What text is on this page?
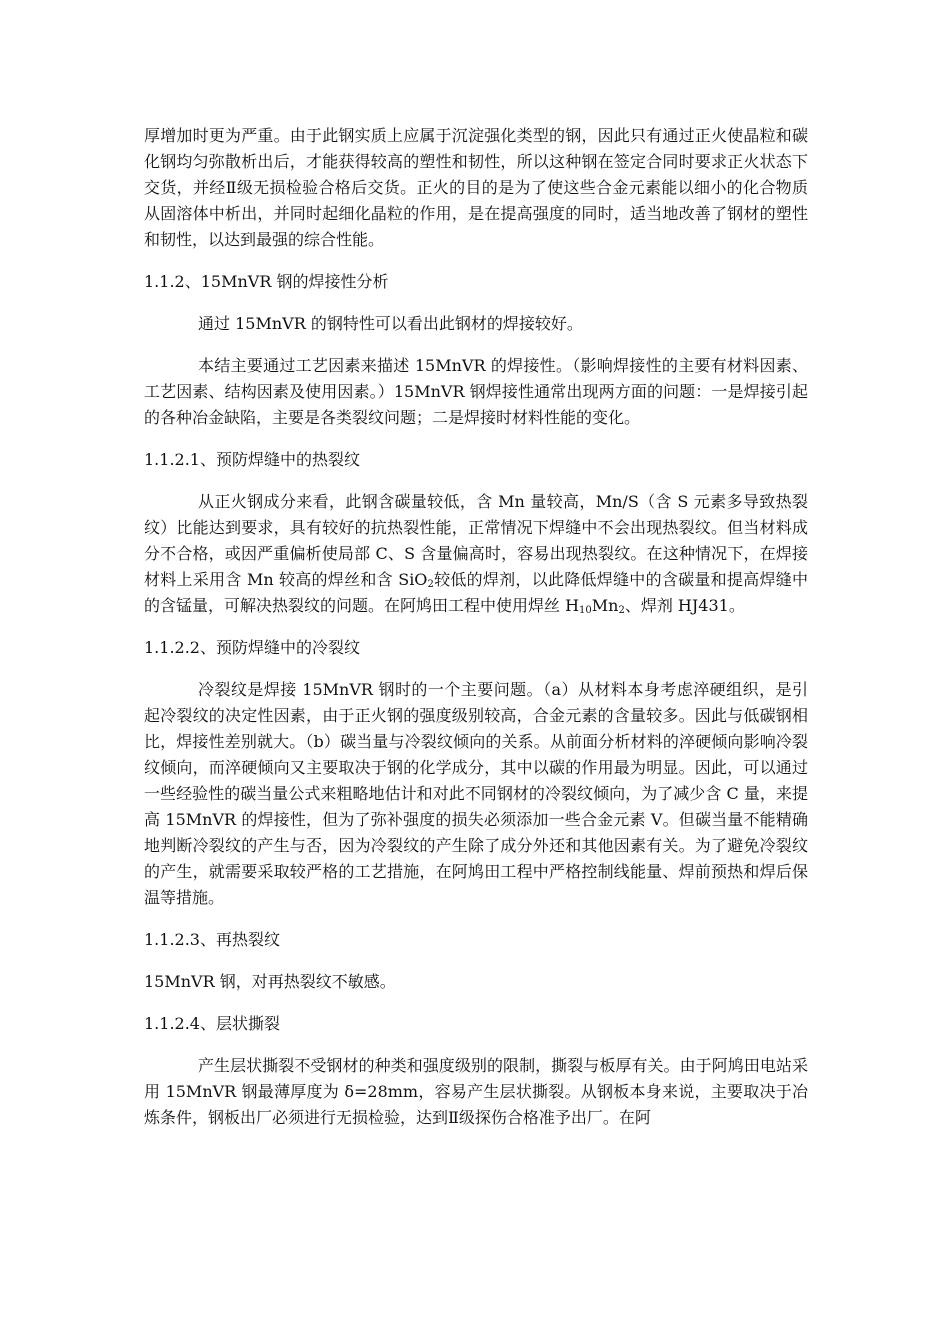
厚增加时更为严重。由于此钢实质上应属于沉淀强化类型的钢，因此只有通过正火使晶粒和碳化钢均匀弥散析出后，才能获得较高的塑性和韧性，所以这种钢在签定合同时要求正火状态下交货，并经Ⅱ级无损检验合格后交货。正火的目的是为了使这些合金元素能以细小的化合物质从固溶体中析出，并同时起细化晶粒的作用，是在提高强度的同时，适当地改善了钢材的塑性和韧性，以达到最强的综合性能。

1.1.2、15MnVR 钢的焊接性分析

通过 15MnVR 的钢特性可以看出此钢材的焊接较好。

本结主要通过工艺因素来描述 15MnVR 的焊接性。（影响焊接性的主要有材料因素、工艺因素、结构因素及使用因素。）15MnVR 钢焊接性通常出现两方面的问题：一是焊接引起的各种冶金缺陷，主要是各类裂纹问题；二是焊接时材料性能的变化。

1.1.2.1、预防焊缝中的热裂纹

从正火钢成分来看，此钢含碳量较低，含 Mn 量较高，Mn/S（含 S 元素多导致热裂纹）比能达到要求，具有较好的抗热裂性能，正常情况下焊缝中不会出现热裂纹。但当材料成分不合格，或因严重偏析使局部 C、S 含量偏高时，容易出现热裂纹。在这种情况下，在焊接材料上采用含 Mn 较高的焊丝和含 SiO$_2$较低的焊剂，以此降低焊缝中的含碳量和提高焊缝中的含锰量，可解决热裂纹的问题。在阿鸠田工程中使用焊丝 $H_{10}Mn_2$、焊剂 HJ431。

1.1.2.2、预防焊缝中的冷裂纹

冷裂纹是焊接 15MnVR 钢时的一个主要问题。（a）从材料本身考虑淬硬组织，是引起冷裂纹的决定性因素，由于正火钢的强度级别较高，合金元素的含量较多。因此与低碳钢相比，焊接性差别就大。（b）碳当量与冷裂纹倾向的关系。从前面分析材料的淬硬倾向影响冷裂纹倾向，而淬硬倾向又主要取决于钢的化学成分，其中以碳的作用最为明显。因此，可以通过一些经验性的碳当量公式来粗略地估计和对此不同钢材的冷裂纹倾向，为了减少含 C 量，来提高 15MnVR 的焊接性，但为了弥补强度的损失必须添加一些合金元素 V。但碳当量不能精确地判断冷裂纹的产生与否，因为冷裂纹的产生除了成分外还和其他因素有关。为了避免冷裂纹的产生，就需要采取较严格的工艺措施，在阿鸠田工程中严格控制线能量、焊前预热和焊后保温等措施。

1.1.2.3、再热裂纹

15MnVR 钢，对再热裂纹不敏感。

1.1.2.4、层状撕裂

产生层状撕裂不受钢材的种类和强度级别的限制，撕裂与板厚有关。由于阿鸠田电站采用 15MnVR 钢最薄厚度为 δ=28mm，容易产生层状撕裂。从钢板本身来说，主要取决于冶炼条件，钢板出厂必须进行无损检验，达到Ⅱ级探伤合格准予出厂。在阿
